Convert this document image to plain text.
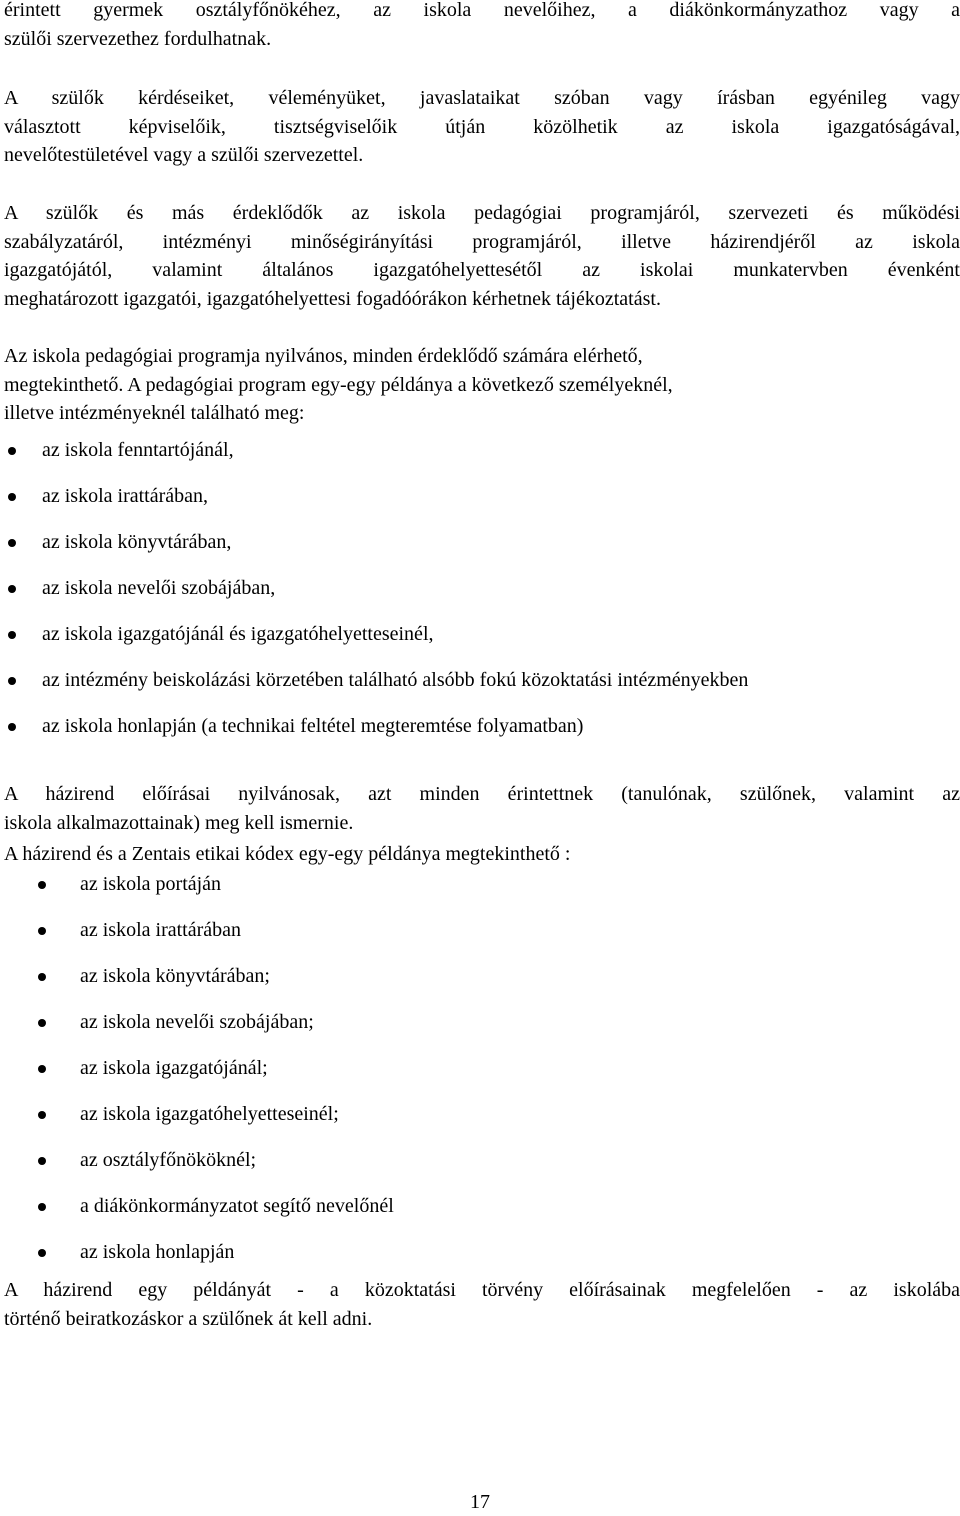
érintett gyermek osztályfőnökéhez, az iskola nevelőihez, a diákönkormányzathoz vagy a
szülői szervezethez fordulhatnak.
A szülők kérdéseiket, véleményüket, javaslataikat szóban vagy írásban egyénileg vagy
választott képviselőik, tisztségviselőik útján közölhetik az iskola igazgatóságával,
nevelőtestületével vagy a szülői szervezettel.
A szülők és más érdeklődők az iskola pedagógiai programjáról, szervezeti és működési
szabályzatáról, intézményi minőségirányítási programjáról, illetve házirendjéről az iskola
igazgatójától, valamint általános igazgatóhelyettesétől az iskolai munkatervben évenként
meghatározott igazgatói, igazgatóhelyettesi fogadóórákon kérhetnek tájékoztatást.
Az iskola pedagógiai programja nyilvános, minden érdeklődő számára elérhető,
megtekinthető. A pedagógiai program egy-egy példánya a következő személyeknél,
illetve intézményeknél található meg:
az iskola fenntartójánál,
az iskola irattárában,
az iskola könyvtárában,
az iskola nevelői szobájában,
az iskola igazgatójánál és igazgatóhelyetteseinél,
az intézmény beiskolázási körzetében található alsóbb fokú közoktatási intézményekben
az iskola honlapján (a technikai feltétel megteremtése folyamatban)
A házirend előírásai nyilvánosak, azt minden érintettnek (tanulónak, szülőnek, valamint az
iskola alkalmazottainak) meg kell ismernie.
A házirend és a Zentais etikai kódex egy-egy példánya megtekinthető :
az iskola portáján
az iskola irattárában
az iskola könyvtárában;
az iskola nevelői szobájában;
az iskola igazgatójánál;
az iskola igazgatóhelyetteseinél;
az osztályfőnököknél;
a diákönkormányzatot segítő nevelőnél
az iskola honlapján
A házirend egy példányát - a közoktatási törvény előírásainak megfelelően - az iskolába
történő beiratkozáskor a szülőnek át kell adni.
17
